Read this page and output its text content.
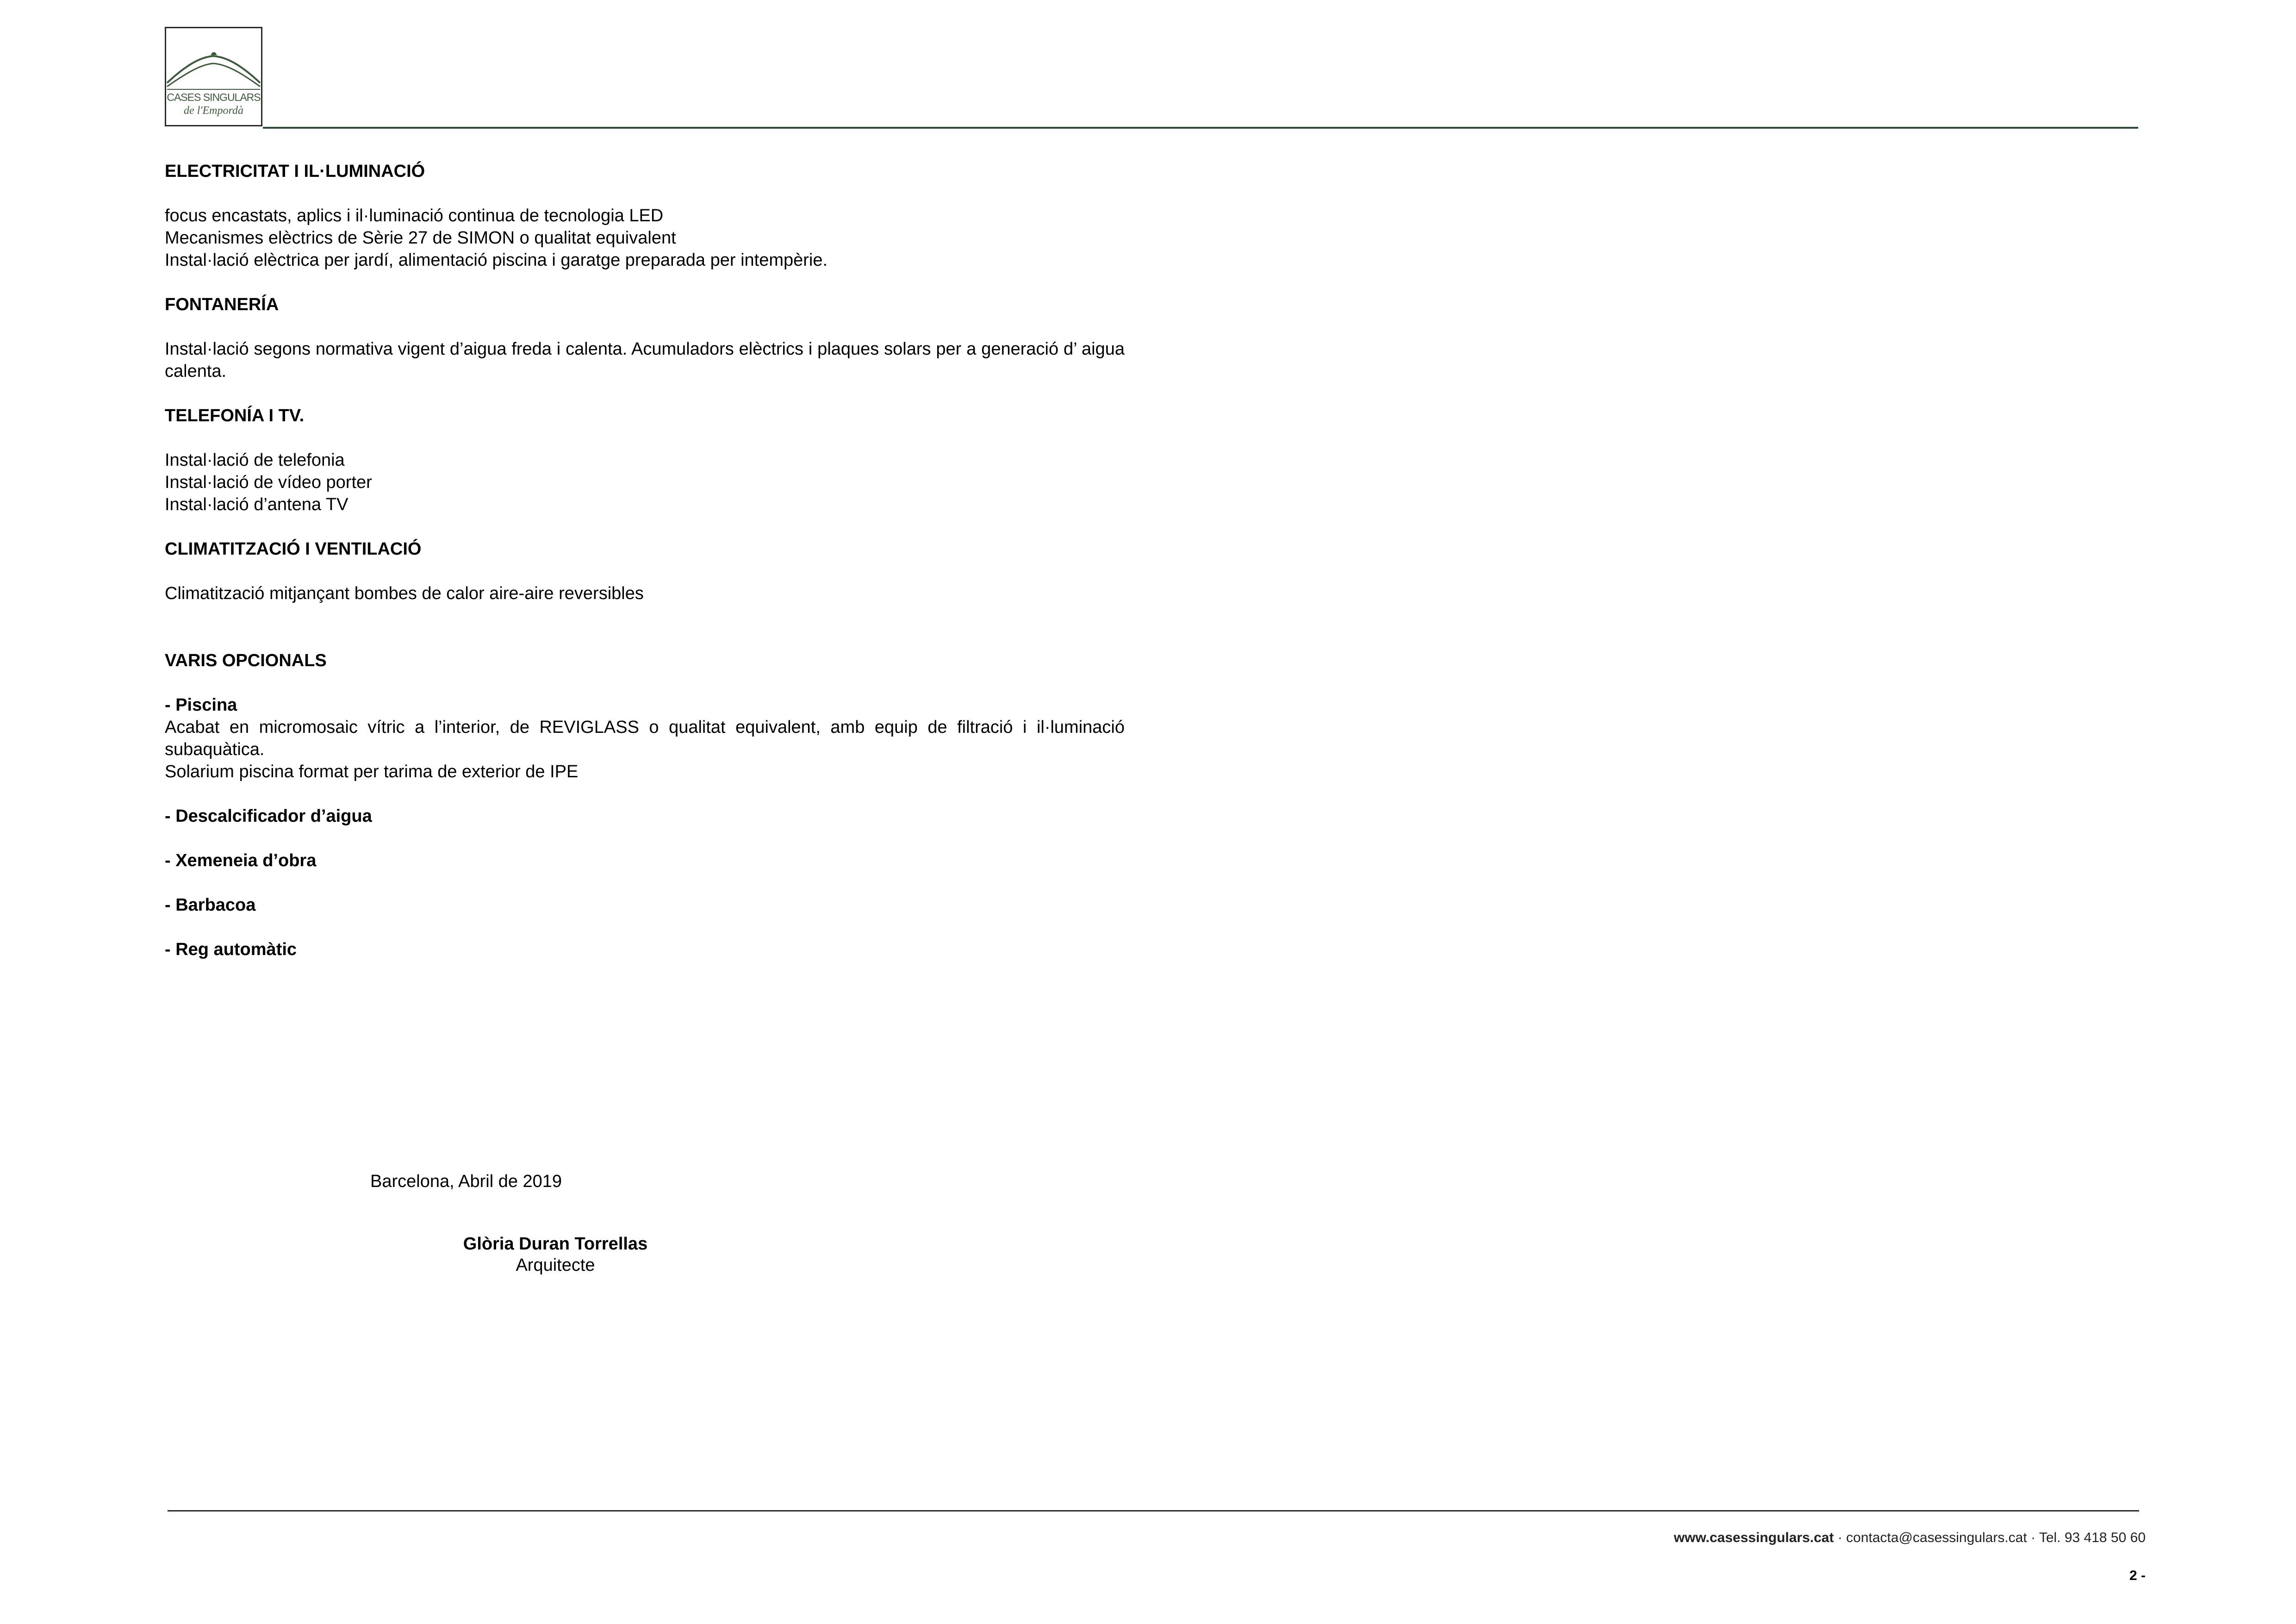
CASES SINGULARS
de l'Empordà

ELECTRICITAT I IL·LUMINACIÓ

focus encastats, aplics i il·luminació continua de tecnologia LED

Mecanismes elèctrics de Sèrie 27 de SIMON o qualitat equivalent

Instal·lació elèctrica per jardí, alimentació piscina i garatge preparada per intempèrie.

FONTANERÍA

Instal·lació segons normativa vigent d’aigua freda i calenta. Acumuladors elèctrics i plaques solars per a generació d’ aigua calenta.

TELEFONÍA I TV.

Instal·lació de telefonia

Instal·lació de vídeo porter

Instal·lació d’antena TV

CLIMATITZACIÓ I VENTILACIÓ

Climatització mitjançant bombes de calor aire-aire reversibles

VARIS OPCIONALS

- Piscina

Acabat en micromosaic vítric a l’interior, de REVIGLASS o qualitat equivalent, amb equip de filtració i il·luminació subaquàtica.

Solarium piscina format per tarima de exterior de IPE

- Descalcificador d’aigua

- Xemeneia d’obra

- Barbacoa

- Reg automàtic

Barcelona, Abril de 2019
Glòria Duran Torrellas
Arquitecte
www.casessingulars.cat · contacta@casessingulars.cat · Tel. 93 418 50 60
2 -
